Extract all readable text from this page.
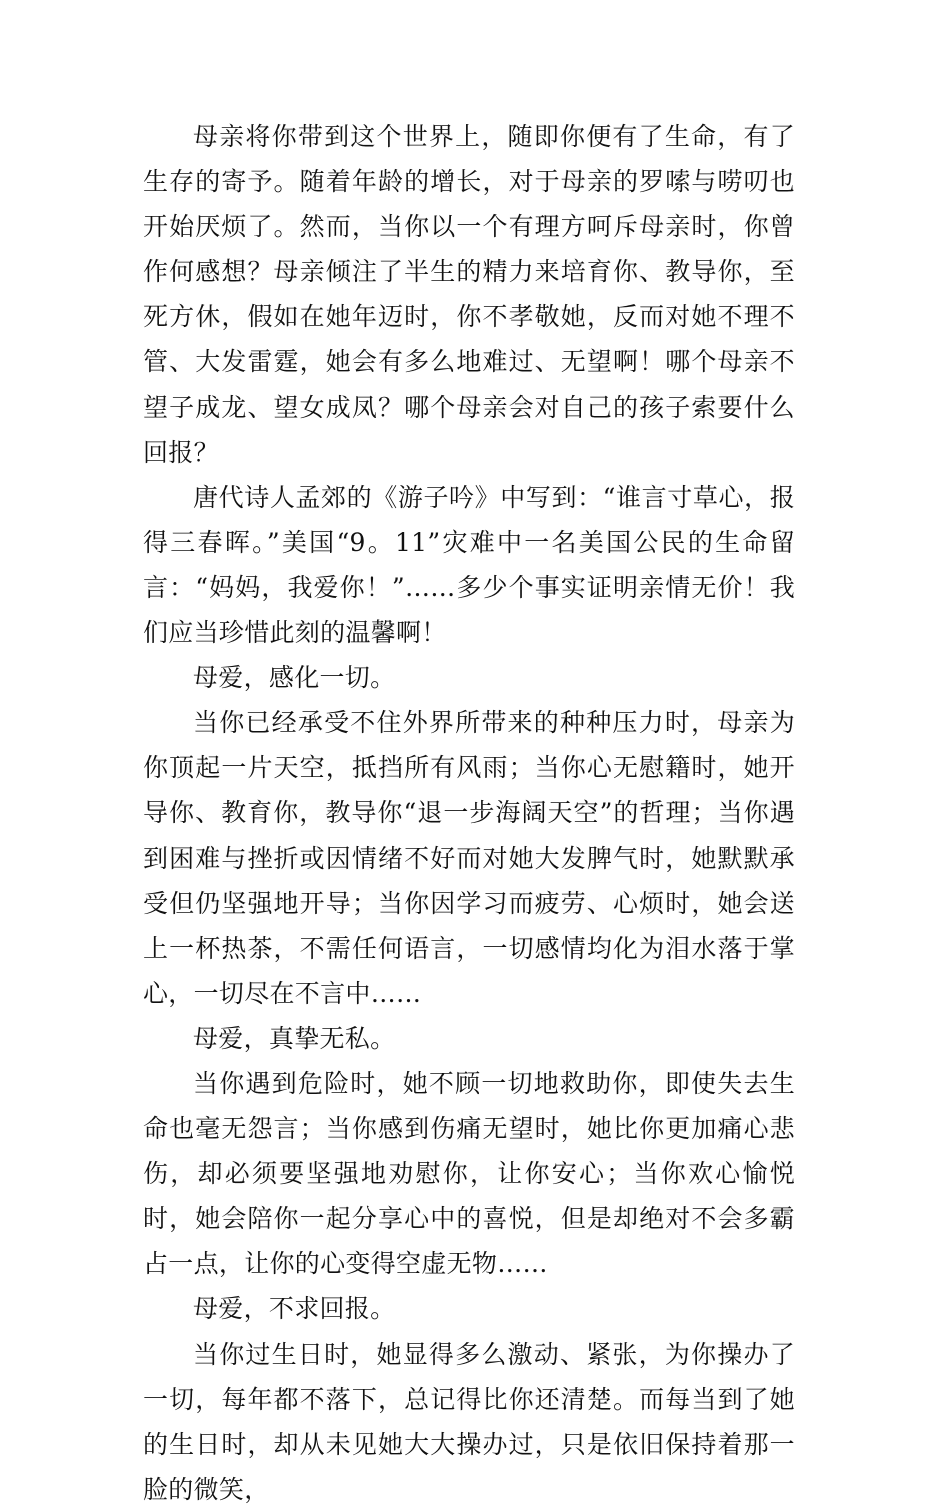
母亲将你带到这个世界上，随即你便有了生命，有了生存的寄予。随着年龄的增长，对于母亲的罗嗦与唠叨也开始厌烦了。然而，当你以一个有理方呵斥母亲时，你曾作何感想？母亲倾注了半生的精力来培育你、教导你，至死方休，假如在她年迈时，你不孝敬她，反而对她不理不管、大发雷霆，她会有多么地难过、无望啊！哪个母亲不望子成龙、望女成凤？哪个母亲会对自己的孩子索要什么回报？

唐代诗人孟郊的《游子吟》中写到：“谁言寸草心，报得三春晖。”美国“9。11”灾难中一名美国公民的生命留言：“妈妈，我爱你！”……多少个事实证明亲情无价！我们应当珍惜此刻的温馨啊！

母爱，感化一切。

当你已经承受不住外界所带来的种种压力时，母亲为你顶起一片天空，抵挡所有风雨；当你心无慰籍时，她开导你、教育你，教导你“退一步海阔天空”的哲理；当你遇到困难与挫折或因情绪不好而对她大发脾气时，她默默承受但仍坚强地开导；当你因学习而疲劳、心烦时，她会送上一杯热茶，不需任何语言，一切感情均化为泪水落于掌心，一切尽在不言中……

母爱，真挚无私。

当你遇到危险时，她不顾一切地救助你，即使失去生命也毫无怨言；当你感到伤痛无望时，她比你更加痛心悲伤，却必须要坚强地劝慰你，让你安心；当你欢心愉悦时，她会陪你一起分享心中的喜悦，但是却绝对不会多霸占一点，让你的心变得空虚无物……

母爱，不求回报。

当你过生日时，她显得多么激动、紧张，为你操办了一切，每年都不落下，总记得比你还清楚。而每当到了她的生日时，却从未见她大大操办过，只是依旧保持着那一脸的微笑，
